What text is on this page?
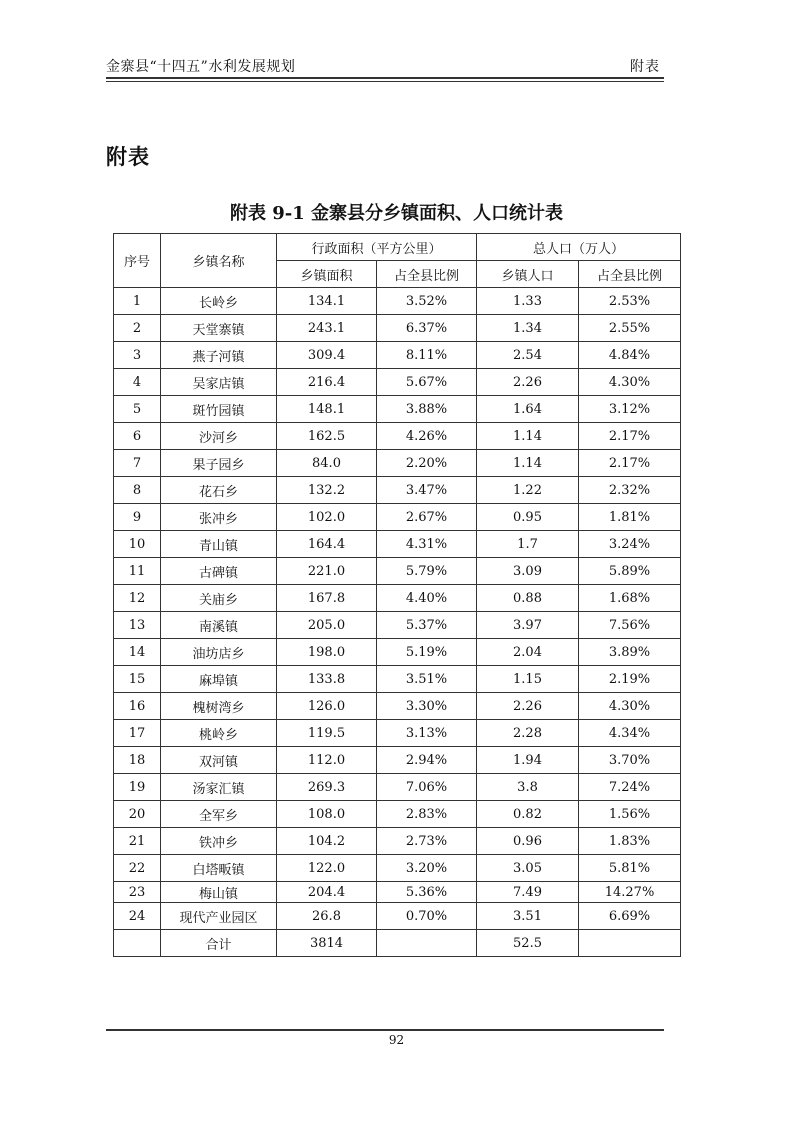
金寨县“十四五”水利发展规划	附表
附表
附表 9-1 金寨县分乡镇面积、人口统计表
序号	乡镇名称	行政面积（平方公里）		总人口（万人）	
		乡镇面积	占全县比例	乡镇人口	占全县比例
1	长岭乡	134.1	3.52%	1.33	2.53%
2	天堂寨镇	243.1	6.37%	1.34	2.55%
3	燕子河镇	309.4	8.11%	2.54	4.84%
4	吴家店镇	216.4	5.67%	2.26	4.30%
5	斑竹园镇	148.1	3.88%	1.64	3.12%
6	沙河乡	162.5	4.26%	1.14	2.17%
7	果子园乡	84.0	2.20%	1.14	2.17%
8	花石乡	132.2	3.47%	1.22	2.32%
9	张冲乡	102.0	2.67%	0.95	1.81%
10	青山镇	164.4	4.31%	1.7	3.24%
11	古碑镇	221.0	5.79%	3.09	5.89%
12	关庙乡	167.8	4.40%	0.88	1.68%
13	南溪镇	205.0	5.37%	3.97	7.56%
14	油坊店乡	198.0	5.19%	2.04	3.89%
15	麻埠镇	133.8	3.51%	1.15	2.19%
16	槐树湾乡	126.0	3.30%	2.26	4.30%
17	桃岭乡	119.5	3.13%	2.28	4.34%
18	双河镇	112.0	2.94%	1.94	3.70%
19	汤家汇镇	269.3	7.06%	3.8	7.24%
20	全军乡	108.0	2.83%	0.82	1.56%
21	铁冲乡	104.2	2.73%	0.96	1.83%
22	白塔畈镇	122.0	3.20%	3.05	5.81%
23	梅山镇	204.4	5.36%	7.49	14.27%
24	现代产业园区	26.8	0.70%	3.51	6.69%
	合计	3814		52.5	
92
